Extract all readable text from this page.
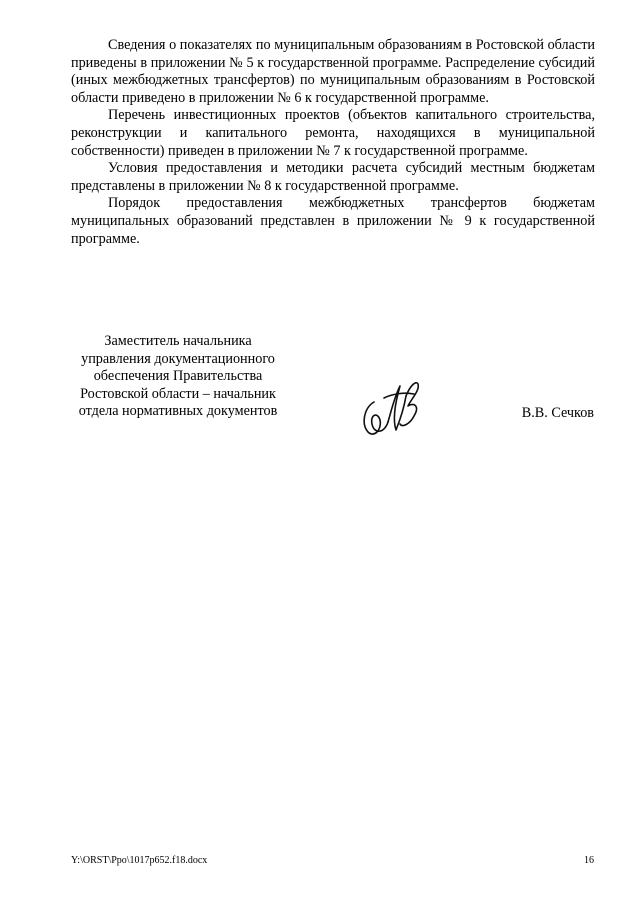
Сведения о показателях по муниципальным образованиям в Ростовской области приведены в приложении № 5 к государственной программе. Распределение субсидий (иных межбюджетных трансфертов) по муниципальным образованиям в Ростовской области приведено в приложении № 6 к государственной программе.

Перечень инвестиционных проектов (объектов капитального строительства, реконструкции и капитального ремонта, находящихся в муниципальной собственности) приведен в приложении № 7 к государственной программе.

Условия предоставления и методики расчета субсидий местным бюджетам представлены в приложении № 8 к государственной программе.

Порядок предоставления межбюджетных трансфертов бюджетам муниципальных образований представлен в приложении № 9 к государственной программе.

Заместитель начальника
управления документационного
обеспечения Правительства
Ростовской области – начальник
отдела нормативных документов	В.В. Сечков
Y:\ORST\Ppo\1017p652.f18.docx	16
